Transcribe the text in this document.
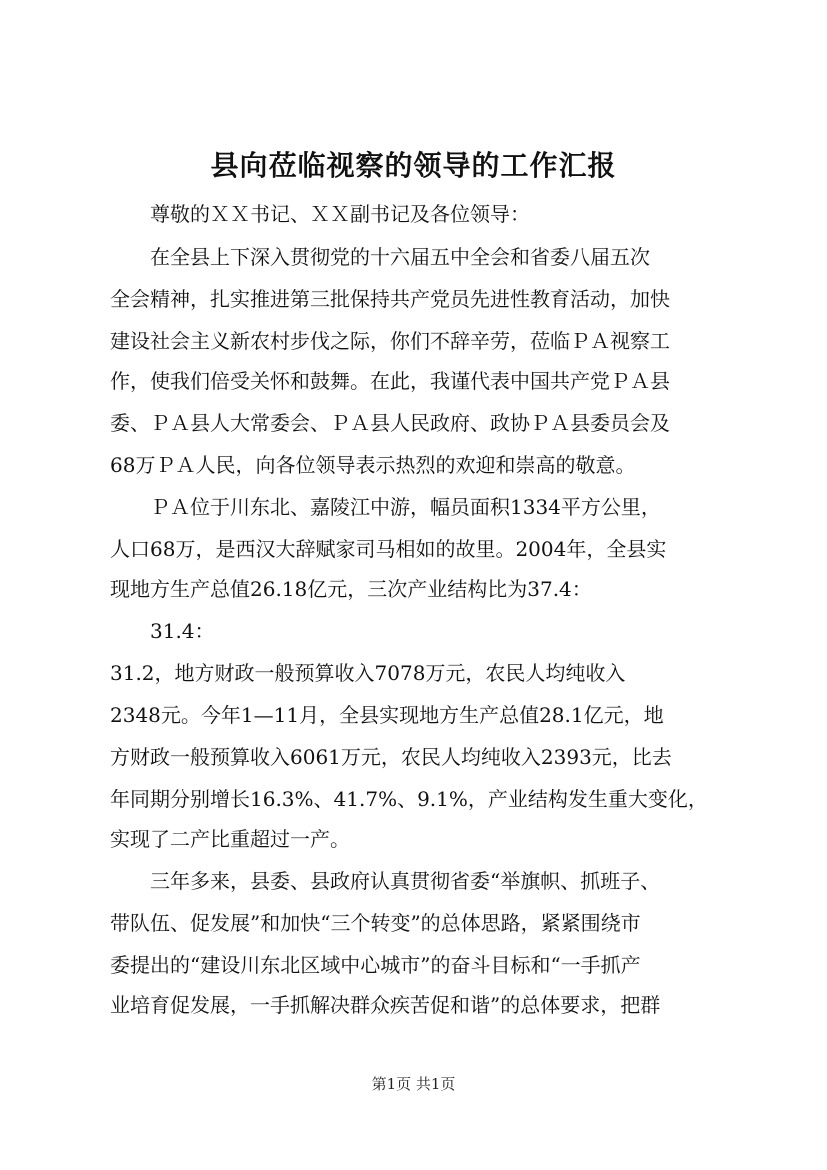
县向莅临视察的领导的工作汇报

尊敬的ＸＸ书记、ＸＸ副书记及各位领导：

在全县上下深入贯彻党的十六届五中全会和省委八届五次

全会精神，扎实推进第三批保持共产党员先进性教育活动，加快

建设社会主义新农村步伐之际，你们不辞辛劳，莅临ＰＡ视察工

作，使我们倍受关怀和鼓舞。在此，我谨代表中国共产党ＰＡ县

委、ＰＡ县人大常委会、ＰＡ县人民政府、政协ＰＡ县委员会及

68万ＰＡ人民，向各位领导表示热烈的欢迎和崇高的敬意。

ＰＡ位于川东北、嘉陵江中游，幅员面积1334平方公里，

人口68万，是西汉大辞赋家司马相如的故里。2004年，全县实

现地方生产总值26.18亿元，三次产业结构比为37.4：

31.4：

31.2，地方财政一般预算收入7078万元，农民人均纯收入

2348元。今年1—11月，全县实现地方生产总值28.1亿元，地

方财政一般预算收入6061万元，农民人均纯收入2393元，比去

年同期分别增长16.3%、41.7%、9.1%，产业结构发生重大变化，

实现了二产比重超过一产。

三年多来，县委、县政府认真贯彻省委“举旗帜、抓班子、

带队伍、促发展”和加快“三个转变”的总体思路，紧紧围绕市

委提出的“建设川东北区域中心城市”的奋斗目标和“一手抓产

业培育促发展，一手抓解决群众疾苦促和谐”的总体要求，把群

第1页 共1页
